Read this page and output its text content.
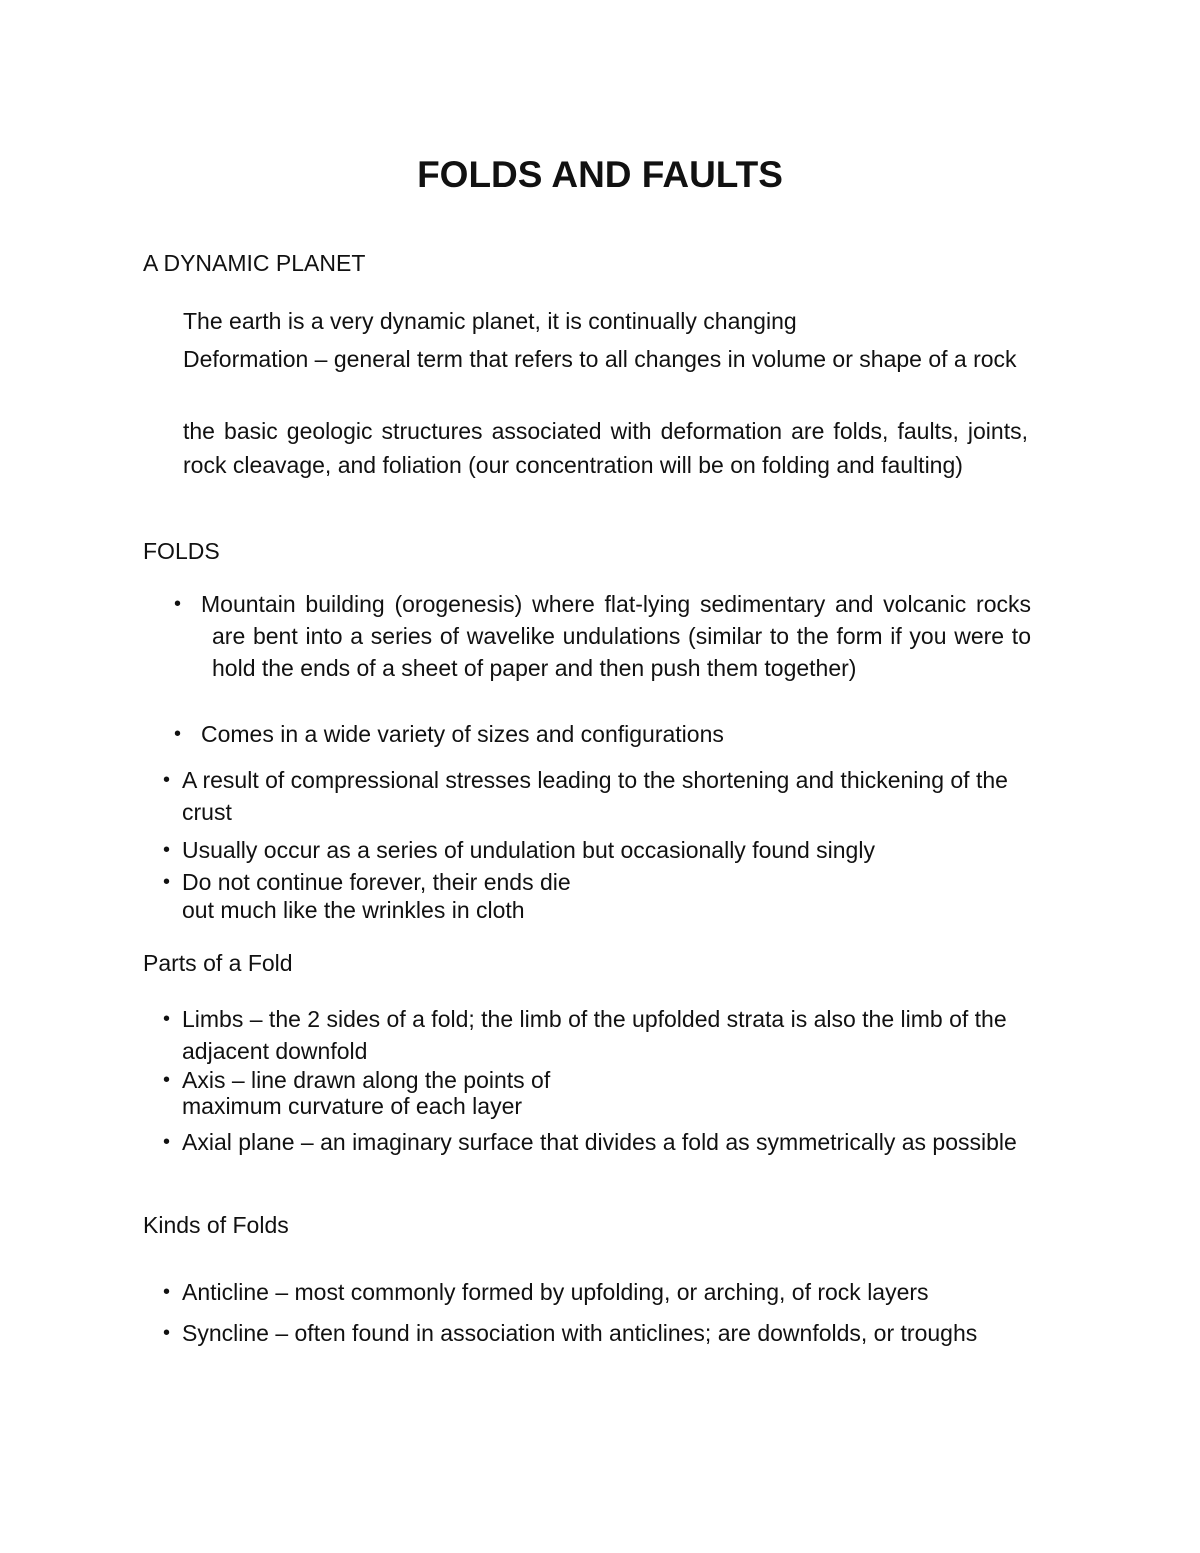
FOLDS AND FAULTS

A DYNAMIC PLANET

The earth is a very dynamic planet, it is continually changing

Deformation – general term that refers to all changes in volume or shape of a rock

the basic geologic structures associated with deformation are folds, faults, joints, rock cleavage, and foliation (our concentration will be on folding and faulting)

FOLDS

• Mountain building (orogenesis) where flat-lying sedimentary and volcanic rocks are bent into a series of wavelike undulations (similar to the form if you were to hold the ends of a sheet of paper and then push them together)
• Comes in a wide variety of sizes and configurations
• A result of compressional stresses leading to the shortening and thickening of the crust
• Usually occur as a series of undulation but occasionally found singly
• Do not continue forever, their ends die
out much like the wrinkles in cloth

Parts of a Fold

• Limbs – the 2 sides of a fold; the limb of the upfolded strata is also the limb of the adjacent downfold
• Axis – line drawn along the points of
maximum curvature of each layer
• Axial plane – an imaginary surface that divides a fold as symmetrically as possible

Kinds of Folds

• Anticline – most commonly formed by upfolding, or arching, of rock layers
• Syncline – often found in association with anticlines; are downfolds, or troughs
